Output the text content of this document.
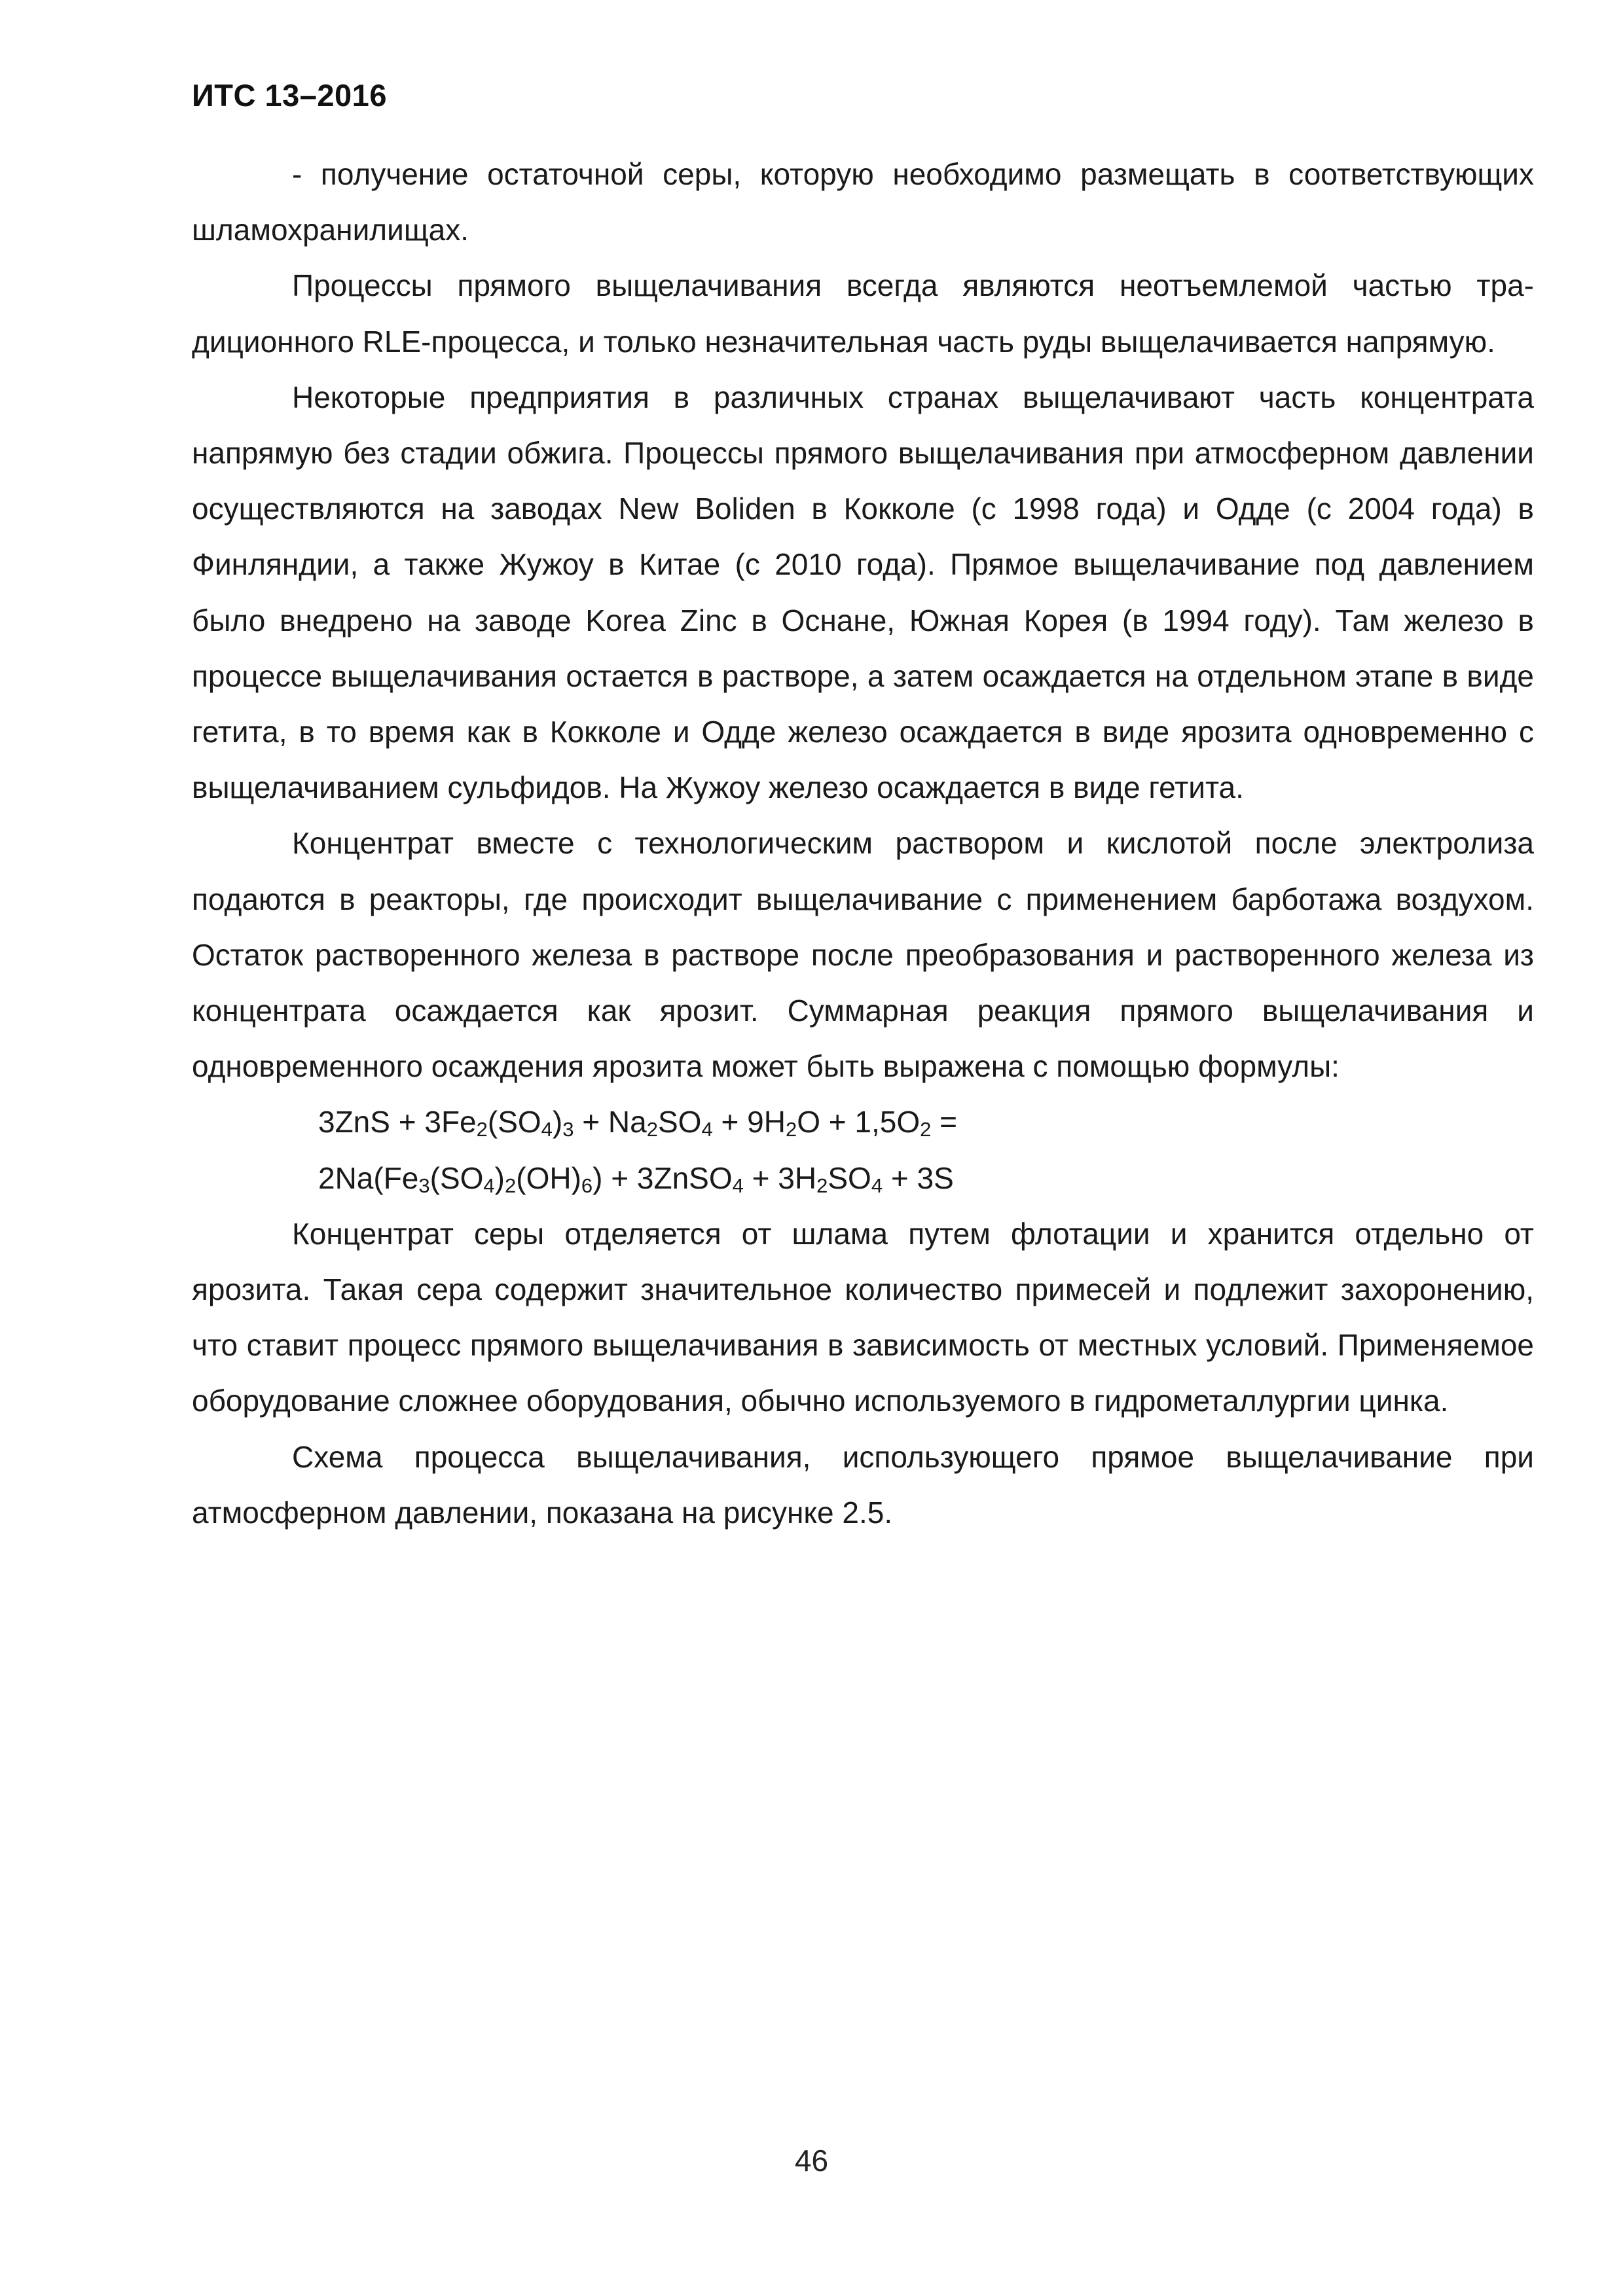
ИТС 13–2016

- получение остаточной серы, которую необходимо размещать в соответствующих шламохранилищах.

Процессы прямого выщелачивания всегда являются неотъемлемой частью традиционного RLE-процесса, и только незначительная часть руды выщелачивается напрямую.

Некоторые предприятия в различных странах выщелачивают часть концентрата напрямую без стадии обжига. Процессы прямого выщелачивания при атмосферном давлении осуществляются на заводах New Boliden в Кокколе (с 1998 года) и Одде (с 2004 года) в Финляндии, а также Жужоу в Китае (с 2010 года). Прямое выщелачивание под давлением было внедрено на заводе Korea Zinc в Оснане, Южная Корея (в 1994 году). Там железо в процессе выщелачивания остается в растворе, а затем осаждается на отдельном этапе в виде гетита, в то время как в Кокколе и Одде железо осаждается в виде ярозита одновременно с выщелачиванием сульфидов. На Жужоу железо осаждается в виде гетита.

Концентрат вместе с технологическим раствором и кислотой после электролиза подаются в реакторы, где происходит выщелачивание с применением барботажа воздухом. Остаток растворенного железа в растворе после преобразования и растворенного железа из концентрата осаждается как ярозит. Суммарная реакция прямого выщелачивания и одновременного осаждения ярозита может быть выражена с помощью формулы:

$3ZnS + 3Fe_2(SO_4)_3 + Na_2SO_4 + 9H_2O + 1,5O_2$ =

$2Na(Fe_3(SO_4)_2(OH)_6)$ + 3ZnSO$_4$ + $3H_2SO_4 + 3S$

Концентрат серы отделяется от шлама путем флотации и хранится отдельно от ярозита. Такая сера содержит значительное количество примесей и подлежит захоронению, что ставит процесс прямого выщелачивания в зависимость от местных условий. Применяемое оборудование сложнее оборудования, обычно используемого в гидрометаллургии цинка.

Схема процесса выщелачивания, использующего прямое выщелачивание при атмосферном давлении, показана на рисунке 2.5.

46
